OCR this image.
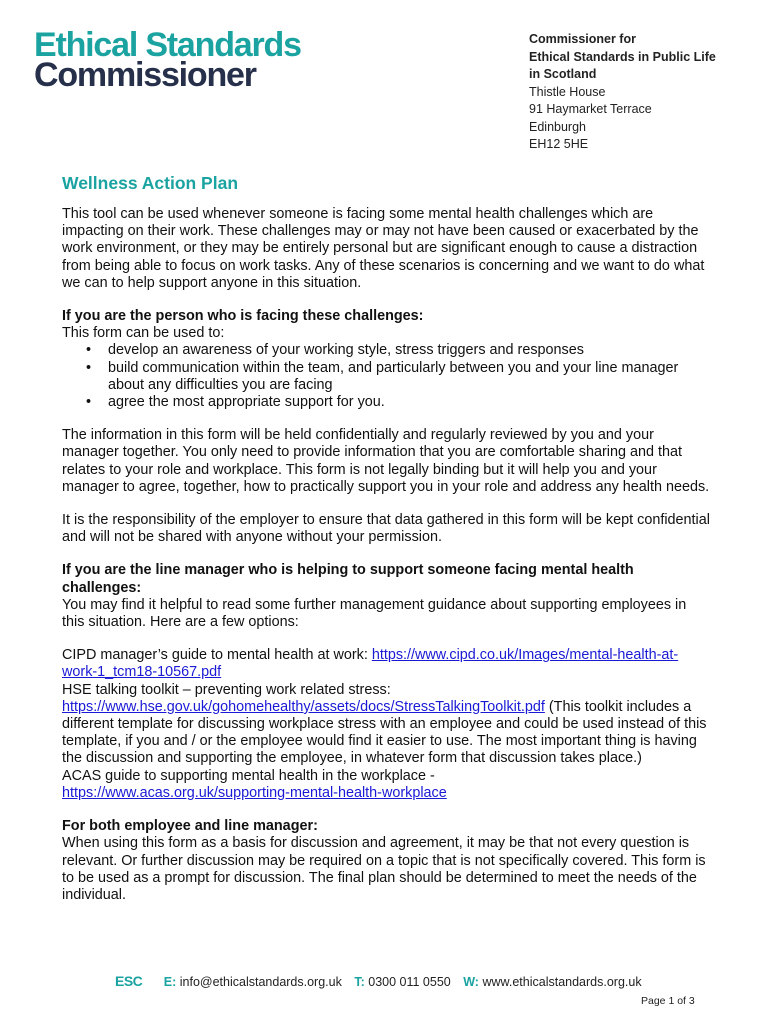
Ethical Standards
Commissioner
Commissioner for
Ethical Standards in Public Life
in Scotland
Thistle House
91 Haymarket Terrace
Edinburgh
EH12 5HE
Wellness Action Plan

This tool can be used whenever someone is facing some mental health challenges which are impacting on their work. These challenges may or may not have been caused or exacerbated by the work environment, or they may be entirely personal but are significant enough to cause a distraction from being able to focus on work tasks. Any of these scenarios is concerning and we want to do what we can to help support anyone in this situation.

If you are the person who is facing these challenges:

This form can be used to:

• develop an awareness of your working style, stress triggers and responses
• build communication within the team, and particularly between you and your line manager about any difficulties you are facing
• agree the most appropriate support for you.

The information in this form will be held confidentially and regularly reviewed by you and your manager together. You only need to provide information that you are comfortable sharing and that relates to your role and workplace. This form is not legally binding but it will help you and your manager to agree, together, how to practically support you in your role and address any health needs.

It is the responsibility of the employer to ensure that data gathered in this form will be kept confidential and will not be shared with anyone without your permission.

If you are the line manager who is helping to support someone facing mental health challenges:

You may find it helpful to read some further management guidance about supporting employees in this situation. Here are a few options:

CIPD manager’s guide to mental health at work: https://www.cipd.co.uk/Images/mental-health-at-work-1_tcm18-10567.pdf

HSE talking toolkit – preventing work related stress:

https://www.hse.gov.uk/gohomehealthy/assets/docs/StressTalkingToolkit.pdf (This toolkit includes a different template for discussing workplace stress with an employee and could be used instead of this template, if you and / or the employee would find it easier to use. The most important thing is having the discussion and supporting the employee, in whatever form that discussion takes place.)

ACAS guide to supporting mental health in the workplace -

https://www.acas.org.uk/supporting-mental-health-workplace

For both employee and line manager:

When using this form as a basis for discussion and agreement, it may be that not every question is relevant. Or further discussion may be required on a topic that is not specifically covered. This form is to be used as a prompt for discussion. The final plan should be determined to meet the needs of the individual.

ESC E: info@ethicalstandards.org.uk T: 0300 011 0550 W: www.ethicalstandards.org.uk
Page 1 of 3
